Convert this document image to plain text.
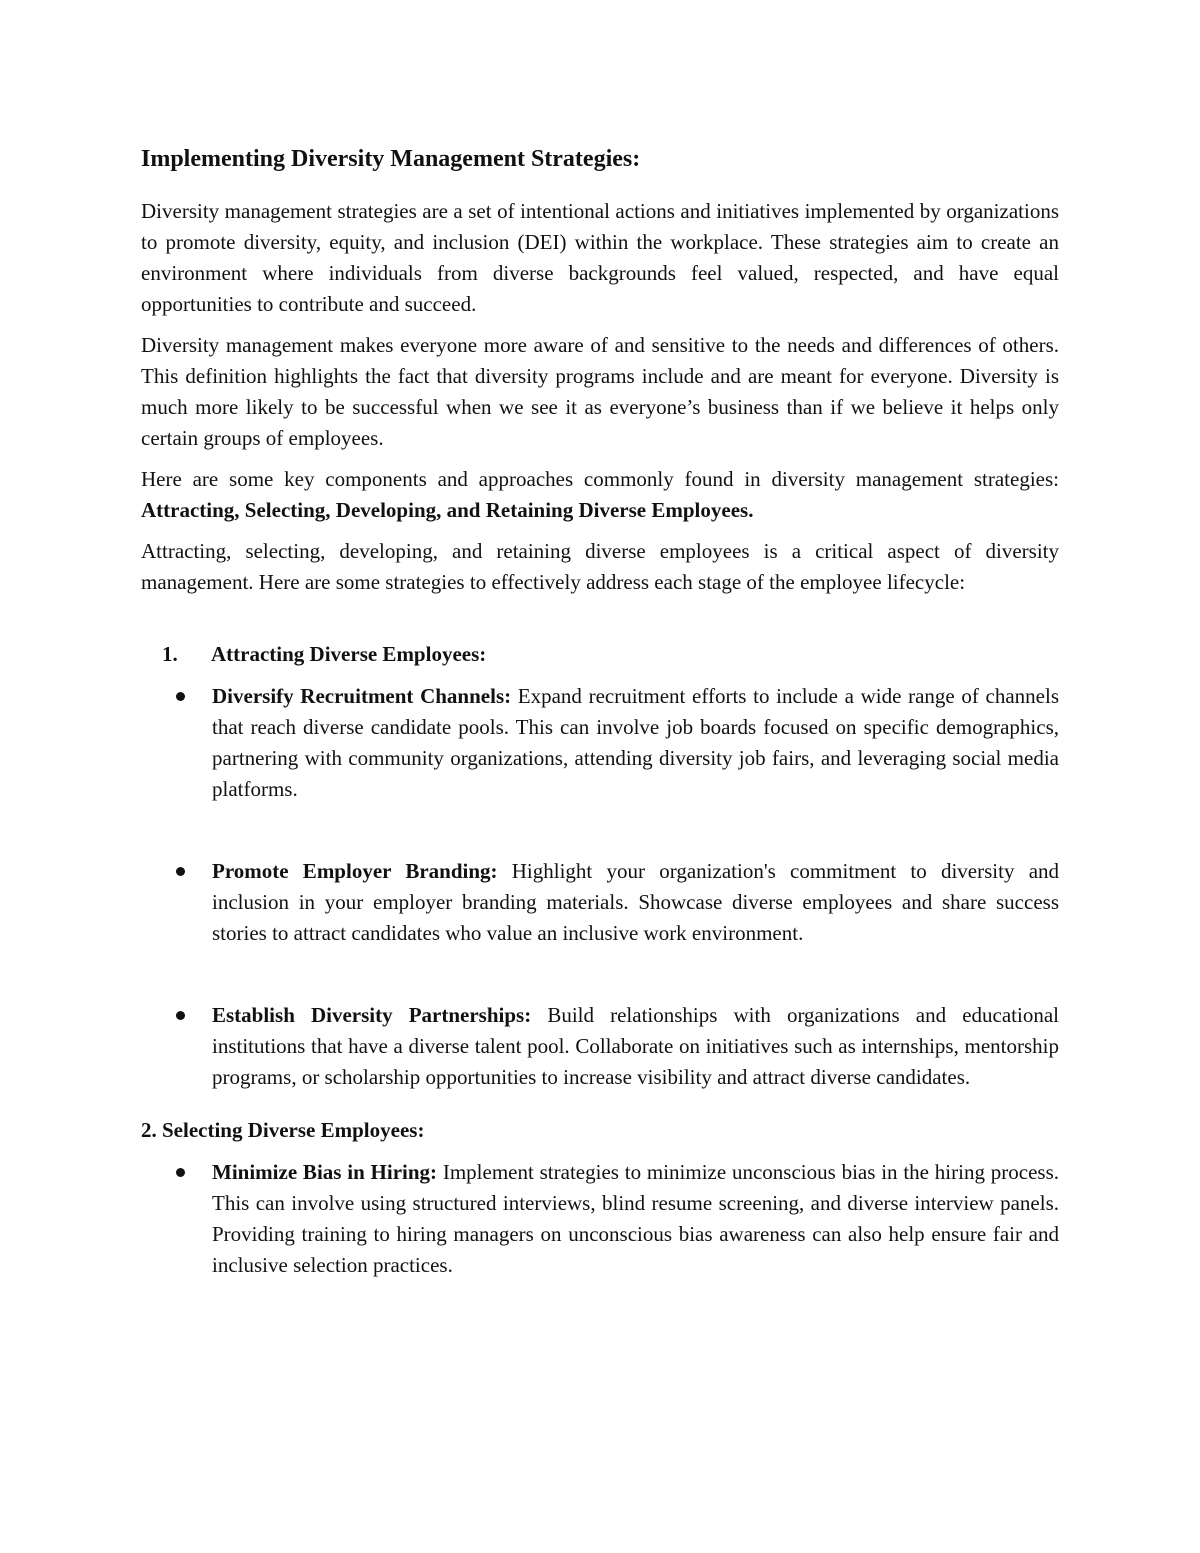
Implementing Diversity Management Strategies:

Diversity management strategies are a set of intentional actions and initiatives implemented by organizations to promote diversity, equity, and inclusion (DEI) within the workplace. These strategies aim to create an environment where individuals from diverse backgrounds feel valued, respected, and have equal opportunities to contribute and succeed.

Diversity management makes everyone more aware of and sensitive to the needs and differences of others. This definition highlights the fact that diversity programs include and are meant for everyone. Diversity is much more likely to be successful when we see it as everyone’s business than if we believe it helps only certain groups of employees.

Here are some key components and approaches commonly found in diversity management strategies: Attracting, Selecting, Developing, and Retaining Diverse Employees.

Attracting, selecting, developing, and retaining diverse employees is a critical aspect of diversity management. Here are some strategies to effectively address each stage of the employee lifecycle:

1.	Attracting Diverse Employees:
Diversify Recruitment Channels: Expand recruitment efforts to include a wide range of channels that reach diverse candidate pools. This can involve job boards focused on specific demographics, partnering with community organizations, attending diversity job fairs, and leveraging social media platforms.
Promote Employer Branding: Highlight your organization's commitment to diversity and inclusion in your employer branding materials. Showcase diverse employees and share success stories to attract candidates who value an inclusive work environment.
Establish Diversity Partnerships: Build relationships with organizations and educational institutions that have a diverse talent pool. Collaborate on initiatives such as internships, mentorship programs, or scholarship opportunities to increase visibility and attract diverse candidates.
2. Selecting Diverse Employees:
Minimize Bias in Hiring: Implement strategies to minimize unconscious bias in the hiring process. This can involve using structured interviews, blind resume screening, and diverse interview panels. Providing training to hiring managers on unconscious bias awareness can also help ensure fair and inclusive selection practices.
